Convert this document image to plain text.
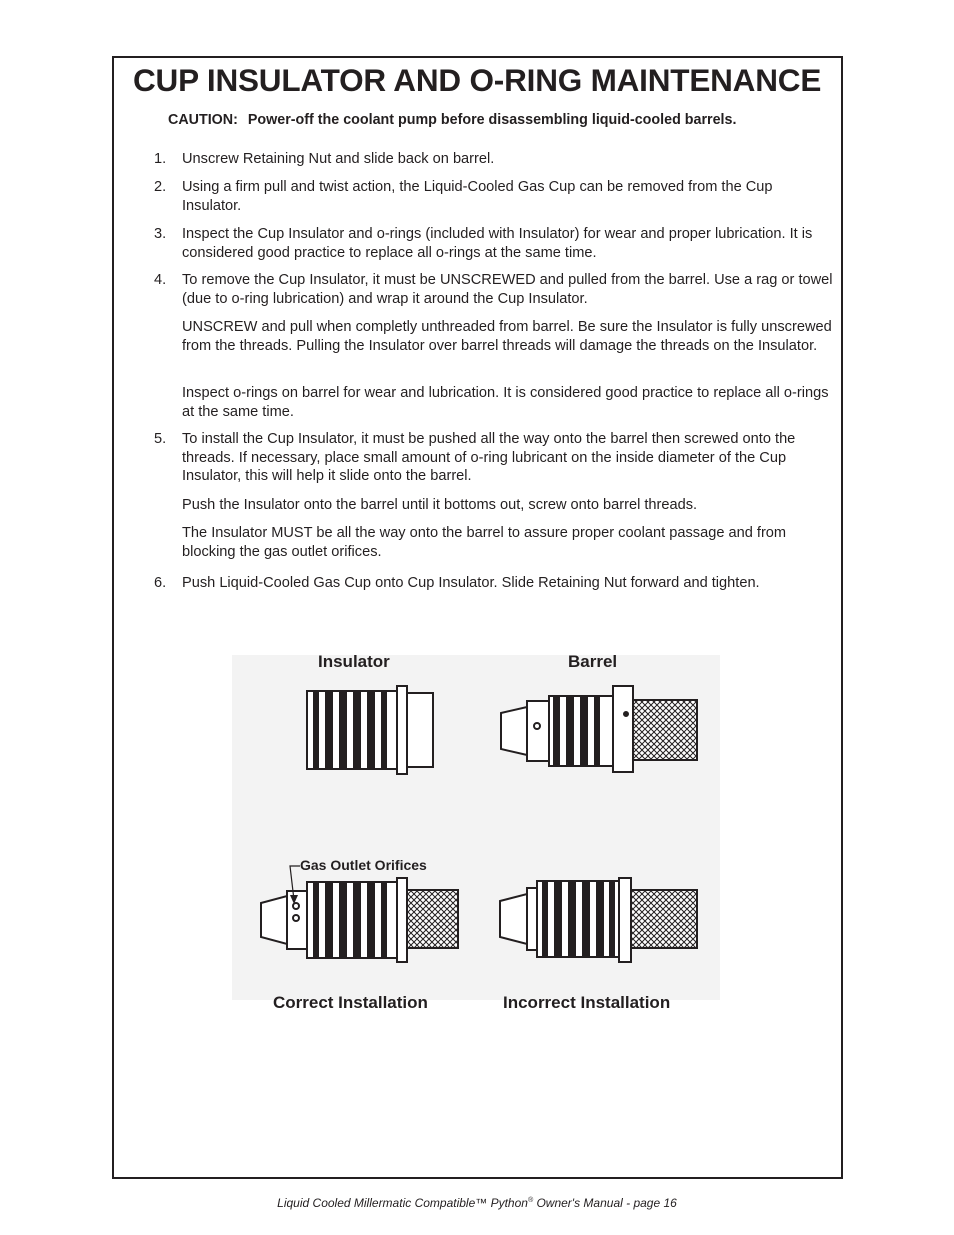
CUP INSULATOR AND O-RING MAINTENANCE
CAUTION: Power-off the coolant pump before disassembling liquid-cooled barrels.
1. Unscrew Retaining Nut and slide back on barrel.
2. Using a firm pull and twist action, the Liquid-Cooled Gas Cup can be removed from the Cup Insulator.
3. Inspect the Cup Insulator and o-rings (included with Insulator) for wear and proper lubrication. It is considered good practice to replace all o-rings at the same time.
4. To remove the Cup Insulator, it must be UNSCREWED and pulled from the barrel. Use a rag or towel (due to o-ring lubrication) and wrap it around the Cup Insulator.
UNSCREW and pull when completly unthreaded from barrel. Be sure the Insulator is fully unscrewed from the threads. Pulling the Insulator over barrel threads will damage the threads on the Insulator.
Inspect o-rings on barrel for wear and lubrication. It is considered good practice to replace all o-rings at the same time.
5. To install the Cup Insulator, it must be pushed all the way onto the barrel then screwed onto the threads. If necessary, place small amount of o-ring lubricant on the inside diameter of the Cup Insulator, this will help it slide onto the barrel.
Push the Insulator onto the barrel until it bottoms out, screw onto barrel threads.
The Insulator MUST be all the way onto the barrel to assure proper coolant passage and from blocking the gas outlet orifices.
6. Push Liquid-Cooled Gas Cup onto Cup Insulator. Slide Retaining Nut forward and tighten.
Insulator	Barrel
Gas Outlet Orifices
Correct Installation	Incorrect Installation
Liquid Cooled Millermatic Compatible™ Python® Owner's Manual - page 16
